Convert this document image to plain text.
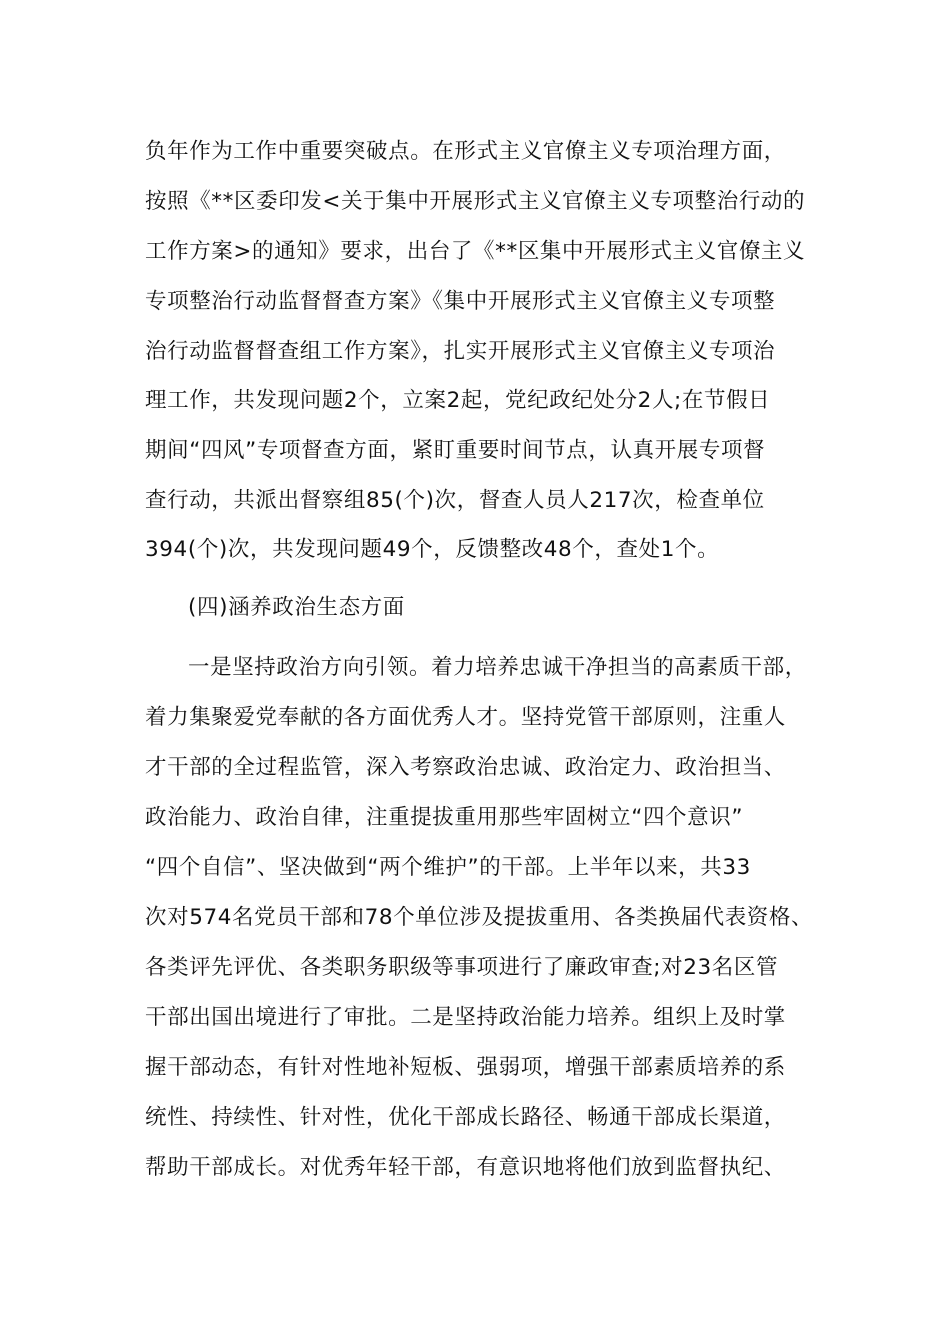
负年作为工作中重要突破点。在形式主义官僚主义专项治理方面，
按照《**区委印发<关于集中开展形式主义官僚主义专项整治行动的
工作方案>的通知》要求，出台了《**区集中开展形式主义官僚主义
专项整治行动监督督查方案》《集中开展形式主义官僚主义专项整
治行动监督督查组工作方案》，扎实开展形式主义官僚主义专项治
理工作，共发现问题2个，立案2起，党纪政纪处分2人;在节假日
期间“四风”专项督查方面，紧盯重要时间节点，认真开展专项督
查行动，共派出督察组85(个)次，督查人员人217次，检查单位
394(个)次，共发现问题49个，反馈整改48个，查处1个。
(四)涵养政治生态方面
一是坚持政治方向引领。着力培养忠诚干净担当的高素质干部，
着力集聚爱党奉献的各方面优秀人才。坚持党管干部原则，注重人
才干部的全过程监管，深入考察政治忠诚、政治定力、政治担当、
政治能力、政治自律，注重提拔重用那些牢固树立“四个意识”
“四个自信”、坚决做到“两个维护”的干部。上半年以来，共33
次对574名党员干部和78个单位涉及提拔重用、各类换届代表资格、
各类评先评优、各类职务职级等事项进行了廉政审查;对23名区管
干部出国出境进行了审批。二是坚持政治能力培养。组织上及时掌
握干部动态，有针对性地补短板、强弱项，增强干部素质培养的系
统性、持续性、针对性，优化干部成长路径、畅通干部成长渠道，
帮助干部成长。对优秀年轻干部，有意识地将他们放到监督执纪、
